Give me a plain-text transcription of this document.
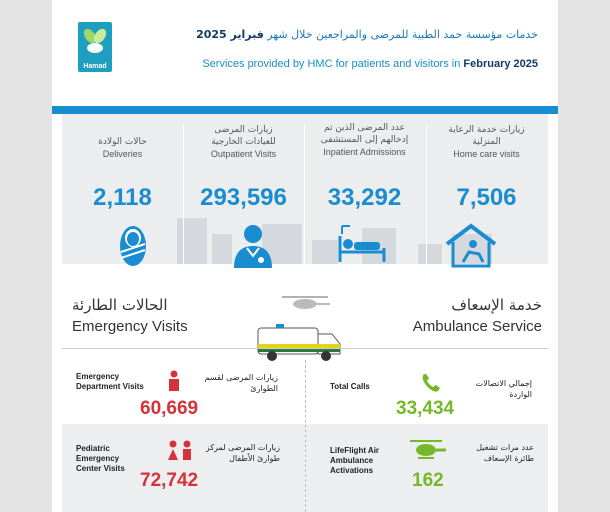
Hamad
خدمات مؤسسة حمد الطبية للمرضى والمراجعين خلال شهر فبراير 2025
Services provided by HMC for patients and visitors in February 2025
حالات الولادة
Deliveries
2,118
زيارات المرضى للعيادات الخارجية
Outpatient Visits
293,596
عدد المرضى الذين تم إدخالهم إلى المستشفى
Inpatient Admissions
33,292
زيارات خدمة الرعاية المنزلية
Home care visits
7,506
الحالات الطارئة
Emergency Visits
خدمة الإسعاف
Ambulance Service
Emergency Department Visits
زيارات المرضى لقسم الطوارئ
60,669
Pediatric Emergency Center Visits
زيارات المرضى لمركز طوارئ الأطفال
72,742
Total Calls	إجمالي الاتصالات الواردة
33,434
LifeFlight Air Ambulance Activations
عدد مرات تشغيل طائرة الإسعاف
162
